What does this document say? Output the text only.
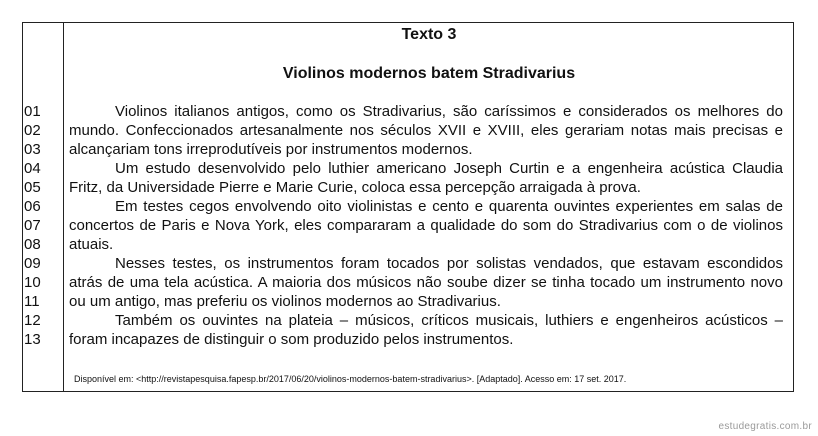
Texto 3
Violinos modernos batem Stradivarius
01
02
03
04
05
06
07
08
09
10
11
12
13

Violinos italianos antigos, como os Stradivarius, são caríssimos e considerados os melhores do mundo. Confeccionados artesanalmente nos séculos XVII e XVIII, eles gerariam notas mais precisas e alcançariam tons irreprodutíveis por instrumentos modernos.

Um estudo desenvolvido pelo luthier americano Joseph Curtin e a engenheira acústica Claudia Fritz, da Universidade Pierre e Marie Curie, coloca essa percepção arraigada à prova.

Em testes cegos envolvendo oito violinistas e cento e quarenta ouvintes experientes em salas de concertos de Paris e Nova York, eles compararam a qualidade do som do Stradivarius com o de violinos atuais.

Nesses testes, os instrumentos foram tocados por solistas vendados, que estavam escondidos atrás de uma tela acústica. A maioria dos músicos não soube dizer se tinha tocado um instrumento novo ou um antigo, mas preferiu os violinos modernos ao Stradivarius.

Também os ouvintes na plateia – músicos, críticos musicais, luthiers e engenheiros acústicos – foram incapazes de distinguir o som produzido pelos instrumentos.

Disponível em: <http://revistapesquisa.fapesp.br/2017/06/20/violinos-modernos-batem-stradivarius>. [Adaptado]. Acesso em: 17 set. 2017.
estudegratis.com.br
